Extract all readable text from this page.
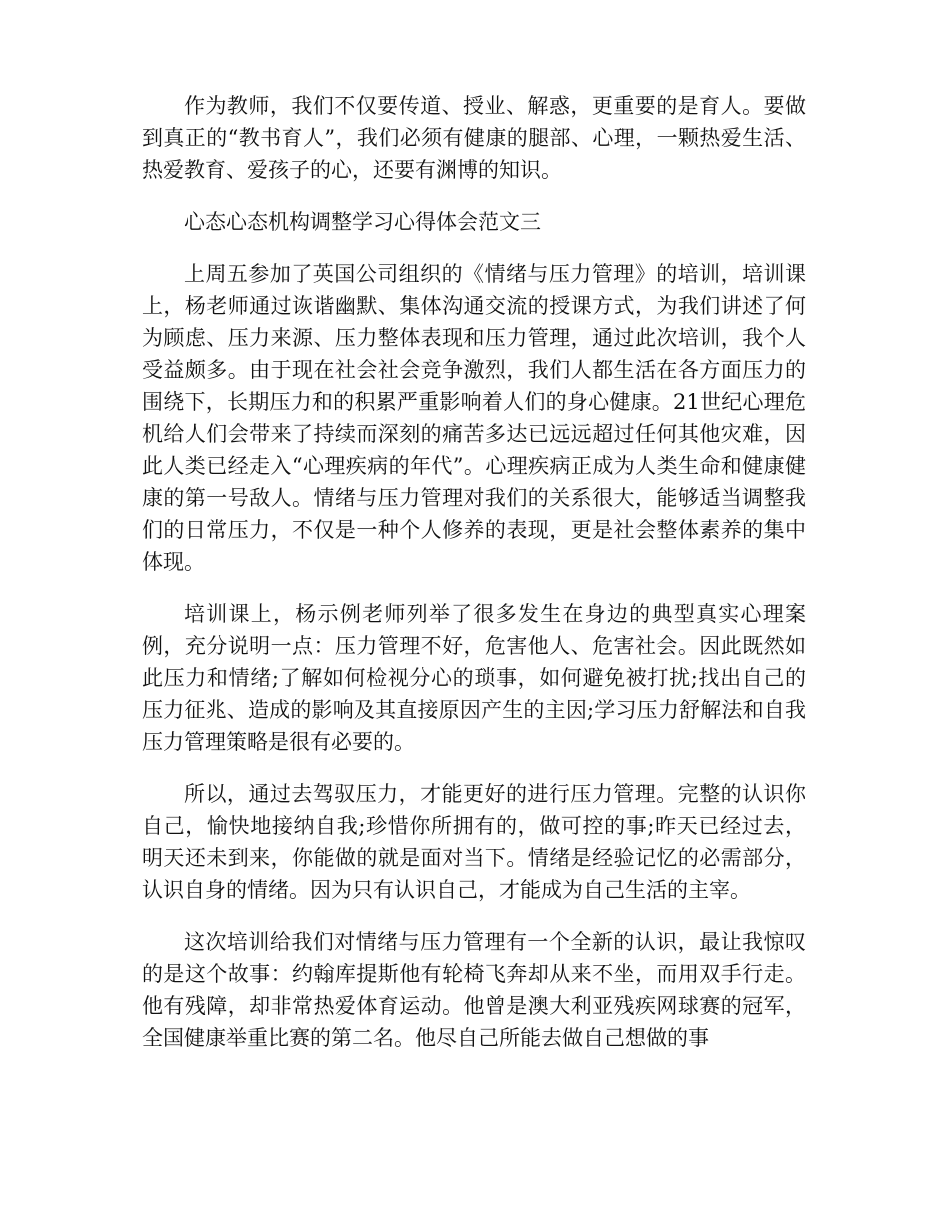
作为教师，我们不仅要传道、授业、解惑，更重要的是育人。要做到真正的“教书育人”，我们必须有健康的腿部、心理，一颗热爱生活、热爱教育、爱孩子的心，还要有渊博的知识。

心态心态机构调整学习心得体会范文三

上周五参加了英国公司组织的《情绪与压力管理》的培训，培训课上，杨老师通过诙谐幽默、集体沟通交流的授课方式，为我们讲述了何为顾虑、压力来源、压力整体表现和压力管理，通过此次培训，我个人受益颇多。由于现在社会社会竞争激烈，我们人都生活在各方面压力的围绕下，长期压力和的积累严重影响着人们的身心健康。21世纪心理危机给人们会带来了持续而深刻的痛苦多达已远远超过任何其他灾难，因此人类已经走入“心理疾病的年代”。心理疾病正成为人类生命和健康健康的第一号敌人。情绪与压力管理对我们的关系很大，能够适当调整我们的日常压力，不仅是一种个人修养的表现，更是社会整体素养的集中体现。

培训课上，杨示例老师列举了很多发生在身边的典型真实心理案例，充分说明一点：压力管理不好，危害他人、危害社会。因此既然如此压力和情绪;了解如何检视分心的琐事，如何避免被打扰;找出自己的压力征兆、造成的影响及其直接原因产生的主因;学习压力舒解法和自我压力管理策略是很有必要的。

所以，通过去驾驭压力，才能更好的进行压力管理。完整的认识你自己，愉快地接纳自我;珍惜你所拥有的，做可控的事;昨天已经过去，明天还未到来，你能做的就是面对当下。情绪是经验记忆的必需部分，认识自身的情绪。因为只有认识自己，才能成为自己生活的主宰。

这次培训给我们对情绪与压力管理有一个全新的认识，最让我惊叹的是这个故事：约翰库提斯他有轮椅飞奔却从来不坐，而用双手行走。他有残障，却非常热爱体育运动。他曾是澳大利亚残疾网球赛的冠军，全国健康举重比赛的第二名。他尽自己所能去做自己想做的事
